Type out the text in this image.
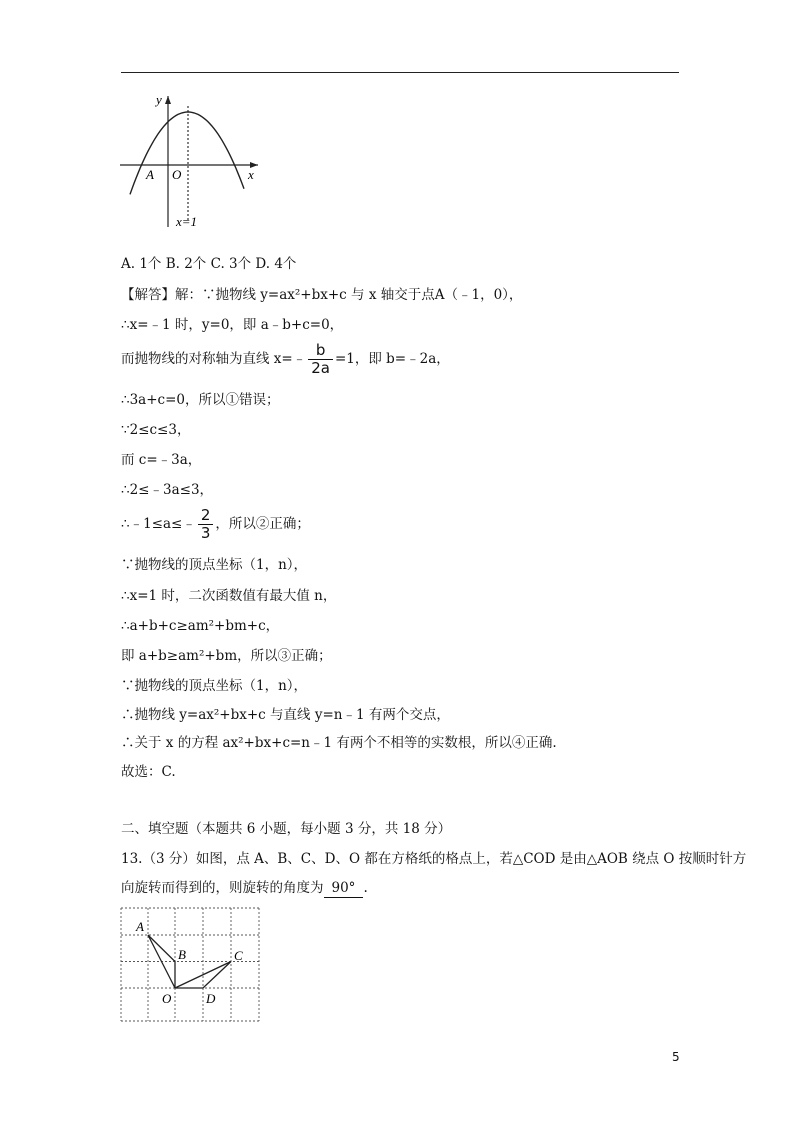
y
x
O
A
x=1
A. 1个 B. 2个 C. 3个 D. 4个
【解答】解：∵抛物线 y=ax²+bx+c 与 x 轴交于点A（﹣1，0），
∴x=﹣1 时，y=0，即 a﹣b+c=0，
而抛物线的对称轴为直线 x=﹣ $\frac{b}{2a} =1$，即 b=﹣2a，
∴3a+c=0，所以①错误；
∵2≤c≤3，
而 c=﹣3a，
∴2≤﹣3a≤3，
∴﹣1≤a≤﹣ $\frac{2}{3}$ ，所以②正确；
∵抛物线的顶点坐标（1，n），
∴x=1 时，二次函数值有最大值 n，
∴a+b+c≥am²+bm+c，
即 a+b≥am²+bm，所以③正确；
∵抛物线的顶点坐标（1，n），
∴抛物线 y=ax²+bx+c 与直线 y=n﹣1 有两个交点，
∴关于 x 的方程 ax²+bx+c=n﹣1 有两个不相等的实数根，所以④正确.
故选：C.
二、填空题（本题共 6 小题，每小题 3 分，共 18 分）
13.（3 分）如图，点 A、B、C、D、O 都在方格纸的格点上，若△COD 是由△AOB 绕点 O 按顺时针方
向旋转而得到的，则旋转的角度为 90° .
A
B	C
O	D
5
